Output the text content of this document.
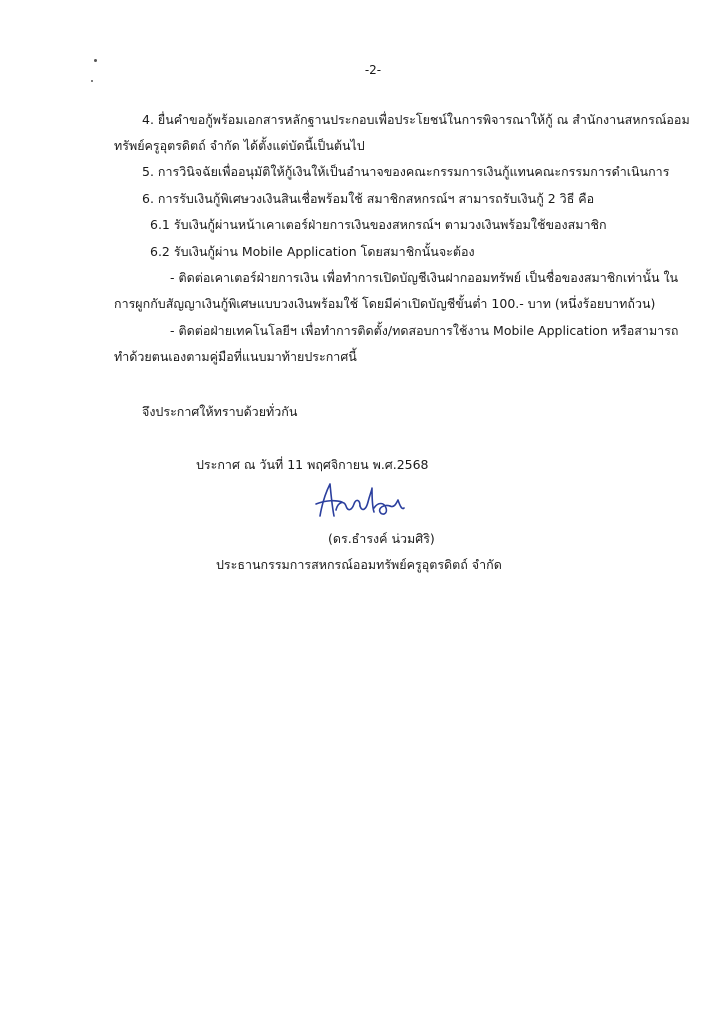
-2-
4. ยื่นคำขอกู้พร้อมเอกสารหลักฐานประกอบเพื่อประโยชน์ในการพิจารณาให้กู้ ณ สำนักงานสหกรณ์ออม
ทรัพย์ครูอุตรดิตถ์ จำกัด ได้ตั้งแต่บัดนี้เป็นต้นไป
5. การวินิจฉัยเพื่ออนุมัติให้กู้เงินให้เป็นอำนาจของคณะกรรมการเงินกู้แทนคณะกรรมการดำเนินการ
6. การรับเงินกู้พิเศษวงเงินสินเชื่อพร้อมใช้ สมาชิกสหกรณ์ฯ สามารถรับเงินกู้ 2 วิธี คือ
6.1 รับเงินกู้ผ่านหน้าเคาเตอร์ฝ่ายการเงินของสหกรณ์ฯ ตามวงเงินพร้อมใช้ของสมาชิก
6.2 รับเงินกู้ผ่าน Mobile Application โดยสมาชิกนั้นจะต้อง
- ติดต่อเคาเตอร์ฝ่ายการเงิน เพื่อทำการเปิดบัญชีเงินฝากออมทรัพย์ เป็นชื่อของสมาชิกเท่านั้น ใน
การผูกกับสัญญาเงินกู้พิเศษแบบวงเงินพร้อมใช้ โดยมีค่าเปิดบัญชีขั้นต่ำ 100.- บาท (หนึ่งร้อยบาทถ้วน)
- ติดต่อฝ่ายเทคโนโลยีฯ เพื่อทำการติดตั้ง/ทดสอบการใช้งาน Mobile Application หรือสามารถ
ทำด้วยตนเองตามคู่มือที่แนบมาท้ายประกาศนี้
จึงประกาศให้ทราบด้วยทั่วกัน
ประกาศ ณ วันที่ 11 พฤศจิกายน พ.ศ.2568
(ดร.ธำรงค์ น่วมศิริ)
ประธานกรรมการสหกรณ์ออมทรัพย์ครูอุตรดิตถ์ จำกัด
